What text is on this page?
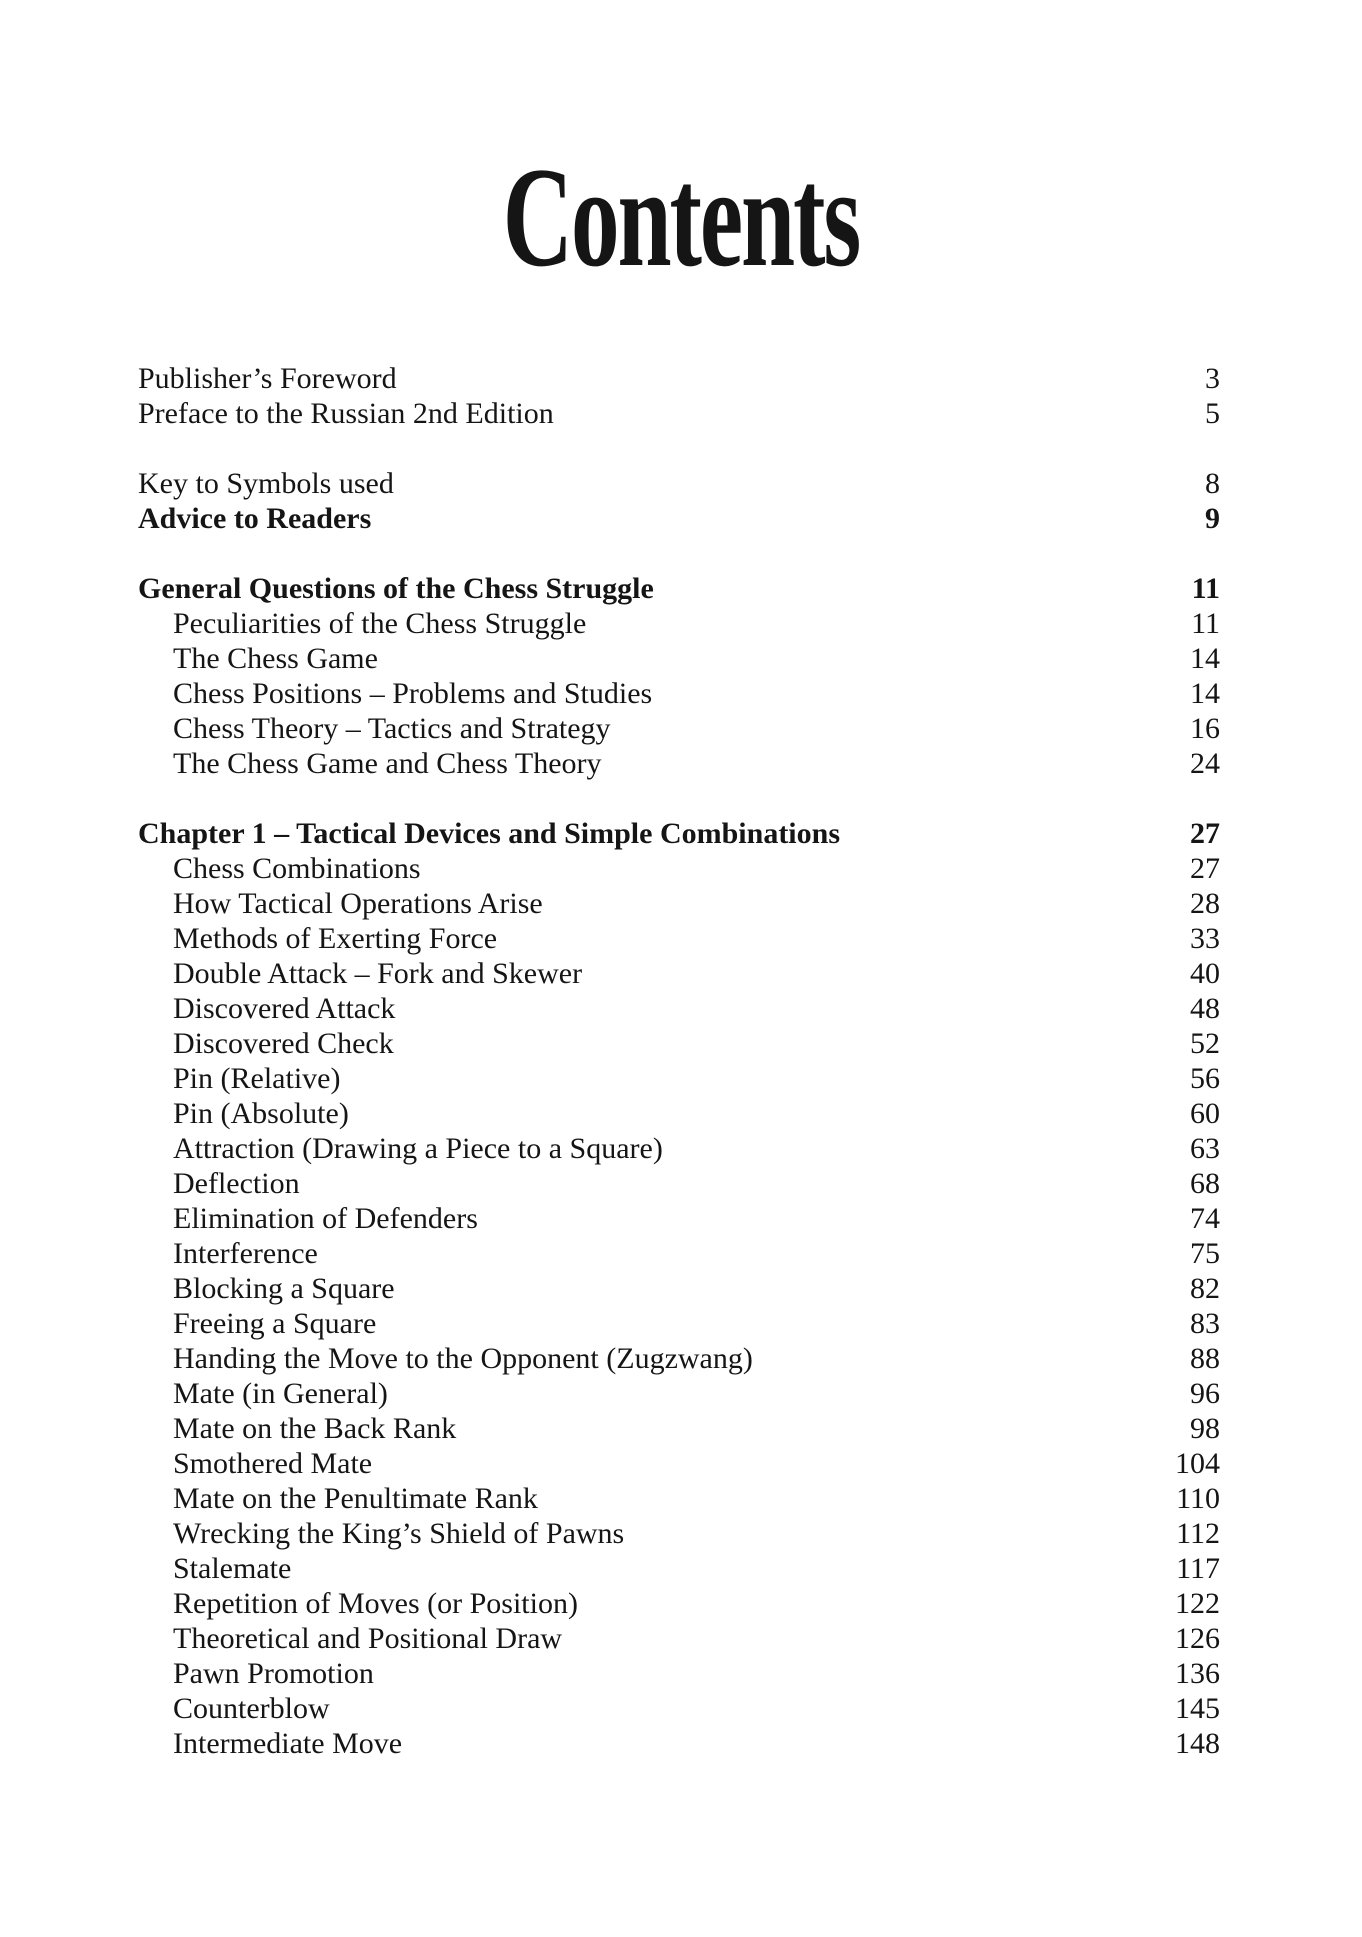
Contents
Publisher’s Foreword	3
Preface to the Russian 2nd Edition	5
Key to Symbols used	8
Advice to Readers	9
General Questions of the Chess Struggle	11
Peculiarities of the Chess Struggle	11
The Chess Game	14
Chess Positions – Problems and Studies	14
Chess Theory – Tactics and Strategy	16
The Chess Game and Chess Theory	24
Chapter 1 – Tactical Devices and Simple Combinations	27
Chess Combinations	27
How Tactical Operations Arise	28
Methods of Exerting Force	33
Double Attack – Fork and Skewer	40
Discovered Attack	48
Discovered Check	52
Pin (Relative)	56
Pin (Absolute)	60
Attraction (Drawing a Piece to a Square)	63
Deflection	68
Elimination of Defenders	74
Interference	75
Blocking a Square	82
Freeing a Square	83
Handing the Move to the Opponent (Zugzwang)	88
Mate (in General)	96
Mate on the Back Rank	98
Smothered Mate	104
Mate on the Penultimate Rank	110
Wrecking the King’s Shield of Pawns	112
Stalemate	117
Repetition of Moves (or Position)	122
Theoretical and Positional Draw	126
Pawn Promotion	136
Counterblow	145
Intermediate Move	148
